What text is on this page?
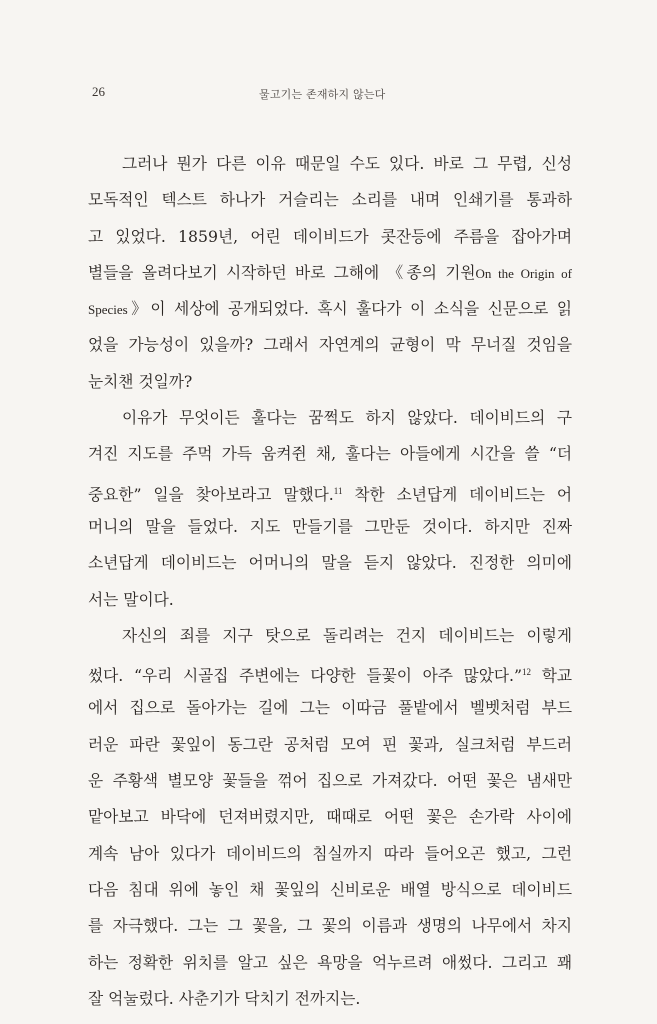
26	물고기는 존재하지 않는다
그러나 뭔가 다른 이유 때문일 수도 있다. 바로 그 무렵, 신성
모독적인 텍스트 하나가 거슬리는 소리를 내며 인쇄기를 통과하
고 있었다. 1859년, 어린 데이비드가 콧잔등에 주름을 잡아가며
별들을 올려다보기 시작하던 바로 그해에 《종의 기원On the Origin of
Species》이 세상에 공개되었다. 혹시 훌다가 이 소식을 신문으로 읽
었을 가능성이 있을까? 그래서 자연계의 균형이 막 무너질 것임을
눈치챈 것일까?
이유가 무엇이든 훌다는 꿈쩍도 하지 않았다. 데이비드의 구
겨진 지도를 주먹 가득 움켜쥔 채, 훌다는 아들에게 시간을 쓸 “더
중요한” 일을 찾아보라고 말했다.$^{11}$ 착한 소년답게 데이비드는 어
머니의 말을 들었다. 지도 만들기를 그만둔 것이다. 하지만 진짜
소년답게 데이비드는 어머니의 말을 듣지 않았다. 진정한 의미에
서는 말이다.
자신의 죄를 지구 탓으로 돌리려는 건지 데이비드는 이렇게
썼다. “우리 시골집 주변에는 다양한 들꽃이 아주 많았다.”$^{12}$ 학교
에서 집으로 돌아가는 길에 그는 이따금 풀밭에서 벨벳처럼 부드
러운 파란 꽃잎이 동그란 공처럼 모여 핀 꽃과, 실크처럼 부드러
운 주황색 별모양 꽃들을 꺾어 집으로 가져갔다. 어떤 꽃은 냄새만
맡아보고 바닥에 던져버렸지만, 때때로 어떤 꽃은 손가락 사이에
계속 남아 있다가 데이비드의 침실까지 따라 들어오곤 했고, 그런
다음 침대 위에 놓인 채 꽃잎의 신비로운 배열 방식으로 데이비드
를 자극했다. 그는 그 꽃을, 그 꽃의 이름과 생명의 나무에서 차지
하는 정확한 위치를 알고 싶은 욕망을 억누르려 애썼다. 그리고 꽤
잘 억눌렀다. 사춘기가 닥치기 전까지는.
